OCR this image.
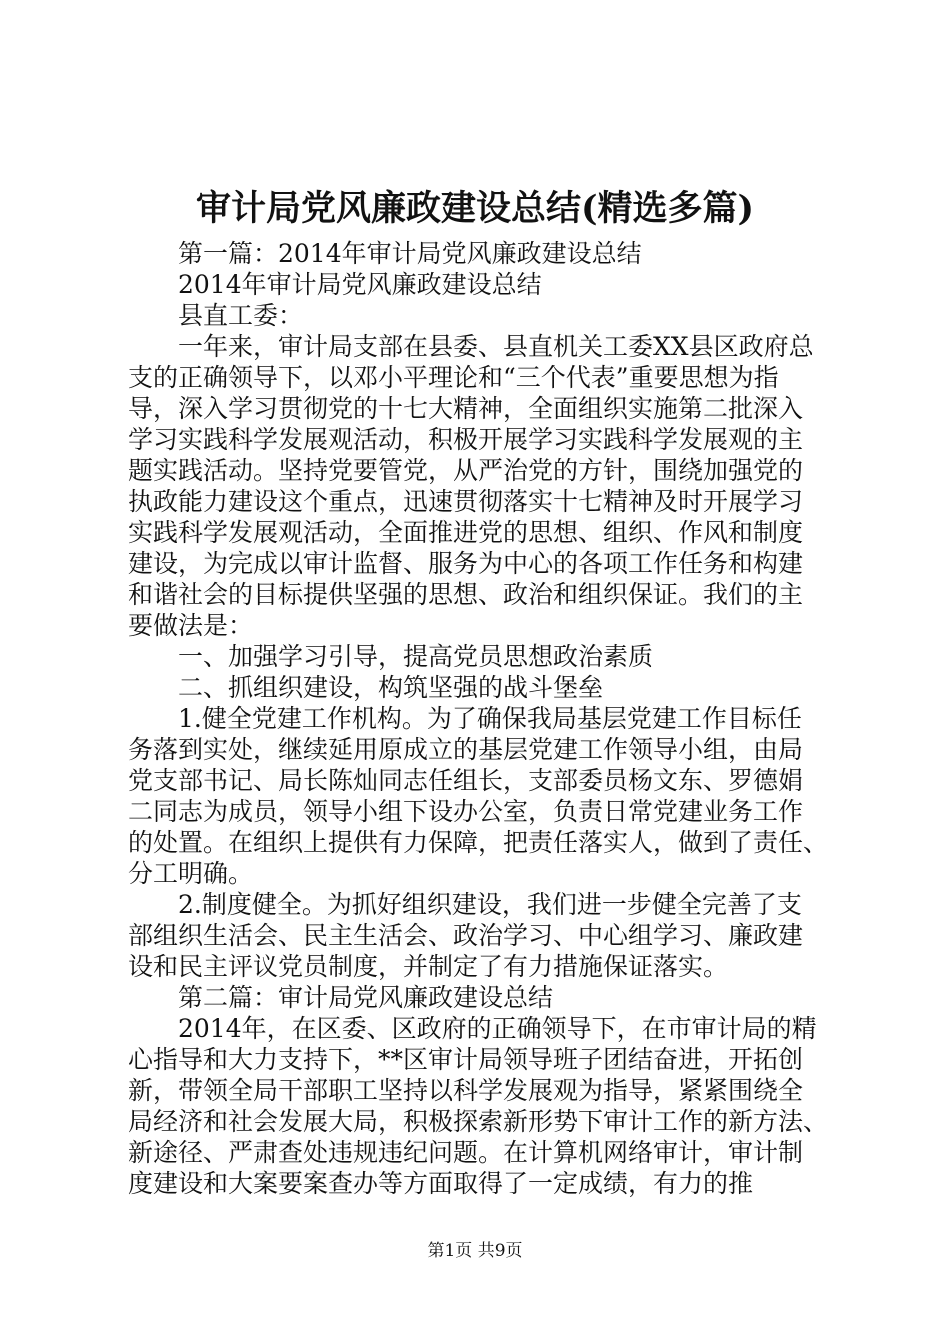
审计局党风廉政建设总结(精选多篇)
第一篇：2014年审计局党风廉政建设总结
2014年审计局党风廉政建设总结
县直工委：
一年来，审计局支部在县委、县直机关工委XX县区政府总
支的正确领导下，以邓小平理论和“三个代表”重要思想为指
导，深入学习贯彻党的十七大精神，全面组织实施第二批深入
学习实践科学发展观活动，积极开展学习实践科学发展观的主
题实践活动。坚持党要管党，从严治党的方针，围绕加强党的
执政能力建设这个重点，迅速贯彻落实十七精神及时开展学习
实践科学发展观活动，全面推进党的思想、组织、作风和制度
建设，为完成以审计监督、服务为中心的各项工作任务和构建
和谐社会的目标提供坚强的思想、政治和组织保证。我们的主
要做法是：
一、加强学习引导，提高党员思想政治素质
二、抓组织建设，构筑坚强的战斗堡垒
1.健全党建工作机构。为了确保我局基层党建工作目标任
务落到实处，继续延用原成立的基层党建工作领导小组，由局
党支部书记、局长陈灿同志任组长，支部委员杨文东、罗德娟
二同志为成员，领导小组下设办公室，负责日常党建业务工作
的处置。在组织上提供有力保障，把责任落实人，做到了责任、
分工明确。
2.制度健全。为抓好组织建设，我们进一步健全完善了支
部组织生活会、民主生活会、政治学习、中心组学习、廉政建
设和民主评议党员制度，并制定了有力措施保证落实。
第二篇：审计局党风廉政建设总结
2014年，在区委、区政府的正确领导下，在市审计局的精
心指导和大力支持下，**区审计局领导班子团结奋进，开拓创
新，带领全局干部职工坚持以科学发展观为指导，紧紧围绕全
局经济和社会发展大局，积极探索新形势下审计工作的新方法、
新途径、严肃查处违规违纪问题。在计算机网络审计，审计制
度建设和大案要案查办等方面取得了一定成绩，有力的推
第1页 共9页
